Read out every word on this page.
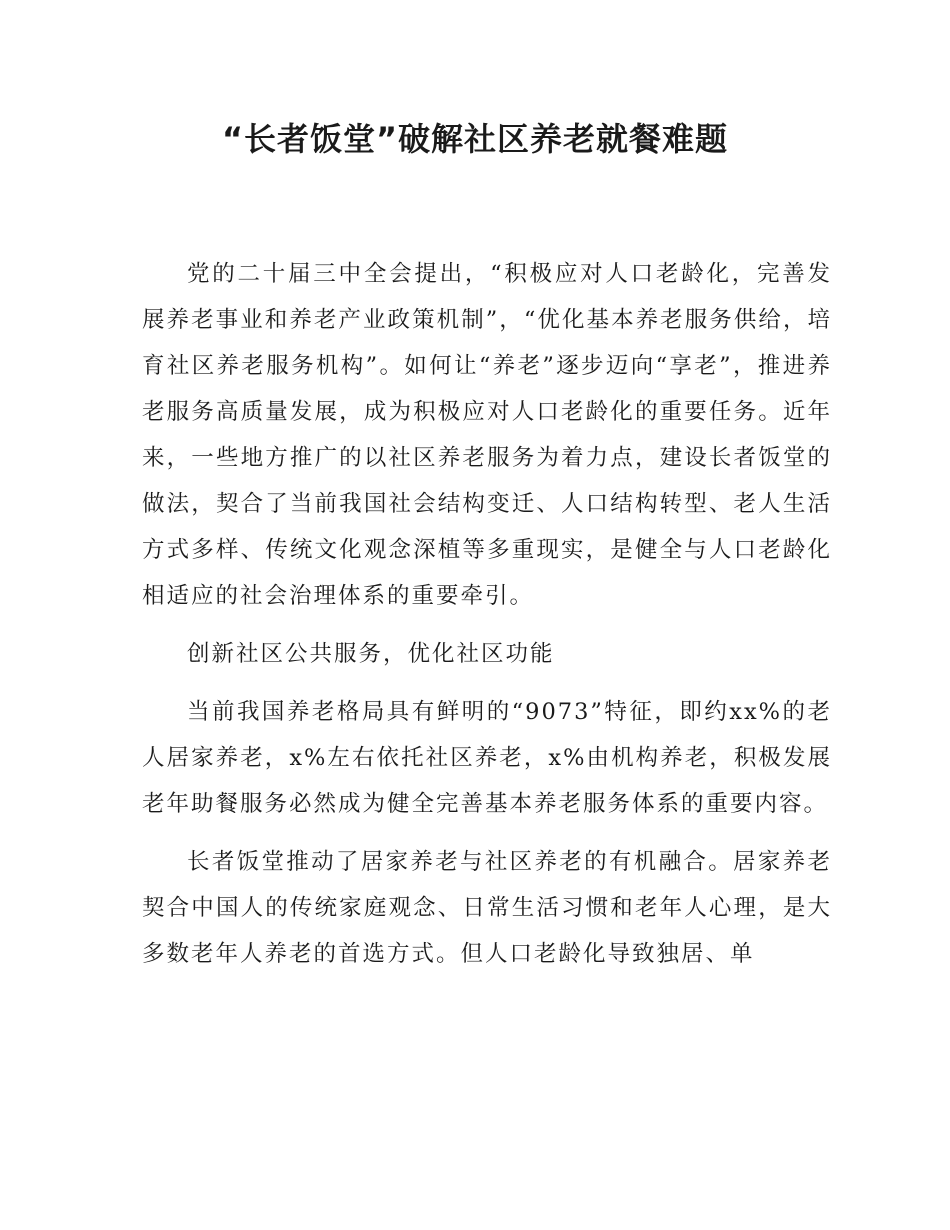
“长者饭堂”破解社区养老就餐难题

党的二十届三中全会提出，“积极应对人口老龄化，完善发展养老事业和养老产业政策机制”，“优化基本养老服务供给，培育社区养老服务机构”。如何让“养老”逐步迈向“享老”，推进养老服务高质量发展，成为积极应对人口老龄化的重要任务。近年来，一些地方推广的以社区养老服务为着力点，建设长者饭堂的做法，契合了当前我国社会结构变迁、人口结构转型、老人生活方式多样、传统文化观念深植等多重现实，是健全与人口老龄化相适应的社会治理体系的重要牵引。

创新社区公共服务，优化社区功能

当前我国养老格局具有鲜明的“9073”特征，即约xx%的老人居家养老，x%左右依托社区养老，x%由机构养老，积极发展老年助餐服务必然成为健全完善基本养老服务体系的重要内容。

长者饭堂推动了居家养老与社区养老的有机融合。居家养老契合中国人的传统家庭观念、日常生活习惯和老年人心理，是大多数老年人养老的首选方式。但人口老龄化导致独居、单
